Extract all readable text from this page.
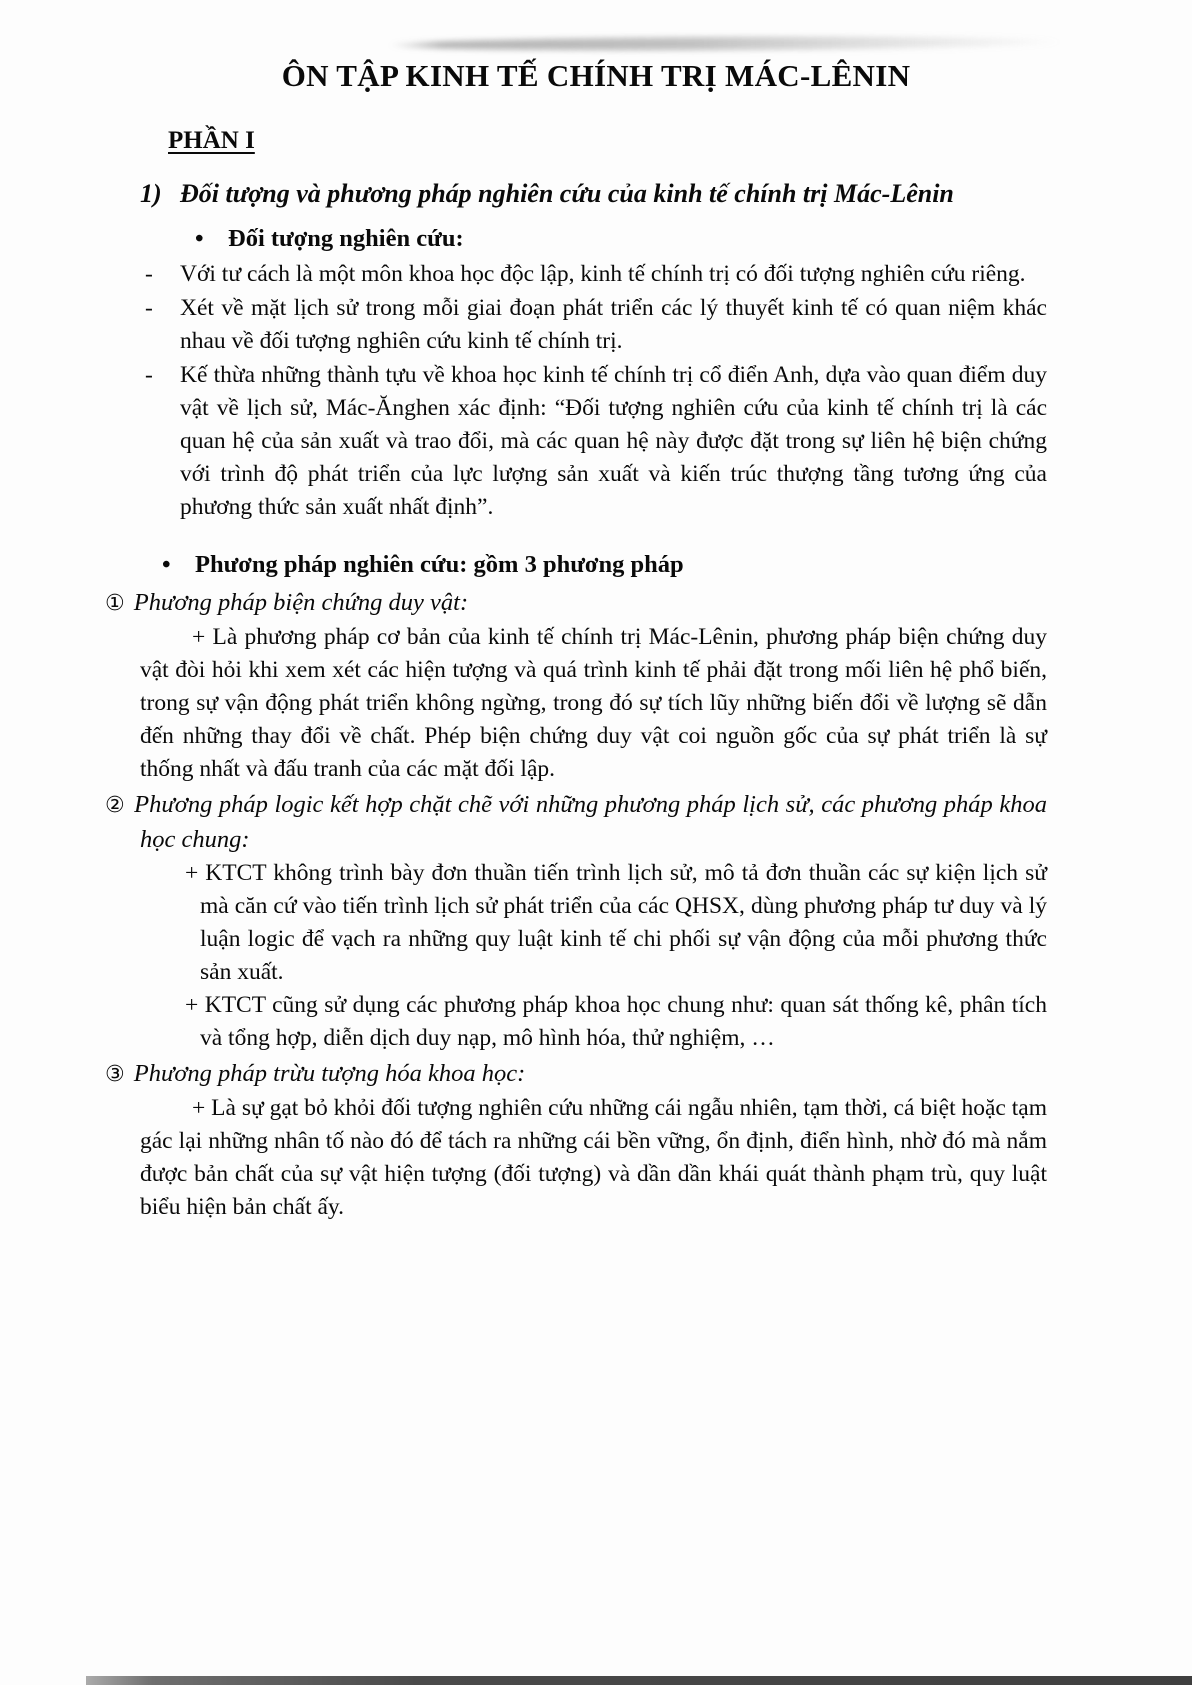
ÔN TẬP KINH TẾ CHÍNH TRỊ MÁC-LÊNIN
PHẦN I
1) Đối tượng và phương pháp nghiên cứu của kinh tế chính trị Mác-Lênin
• Đối tượng nghiên cứu:
-	Với tư cách là một môn khoa học độc lập, kinh tế chính trị có đối tượng nghiên cứu riêng.
-	Xét về mặt lịch sử trong mỗi giai đoạn phát triển các lý thuyết kinh tế có quan niệm khác nhau về đối tượng nghiên cứu kinh tế chính trị.
-	Kế thừa những thành tựu về khoa học kinh tế chính trị cổ điển Anh, dựa vào quan điểm duy vật về lịch sử, Mác-Ănghen xác định: “Đối tượng nghiên cứu của kinh tế chính trị là các quan hệ của sản xuất và trao đổi, mà các quan hệ này được đặt trong sự liên hệ biện chứng với trình độ phát triển của lực lượng sản xuất và kiến trúc thượng tầng tương ứng của phương thức sản xuất nhất định”.
• Phương pháp nghiên cứu: gồm 3 phương pháp
① Phương pháp biện chứng duy vật:

+ Là phương pháp cơ bản của kinh tế chính trị Mác-Lênin, phương pháp biện chứng duy vật đòi hỏi khi xem xét các hiện tượng và quá trình kinh tế phải đặt trong mối liên hệ phổ biến, trong sự vận động phát triển không ngừng, trong đó sự tích lũy những biến đổi về lượng sẽ dẫn đến những thay đổi về chất. Phép biện chứng duy vật coi nguồn gốc của sự phát triển là sự thống nhất và đấu tranh của các mặt đối lập.

② Phương pháp logic kết hợp chặt chẽ với những phương pháp lịch sử, các phương pháp khoa học chung:

+ KTCT không trình bày đơn thuần tiến trình lịch sử, mô tả đơn thuần các sự kiện lịch sử mà căn cứ vào tiến trình lịch sử phát triển của các QHSX, dùng phương pháp tư duy và lý luận logic để vạch ra những quy luật kinh tế chi phối sự vận động của mỗi phương thức sản xuất.

+ KTCT cũng sử dụng các phương pháp khoa học chung như: quan sát thống kê, phân tích và tổng hợp, diễn dịch duy nạp, mô hình hóa, thử nghiệm, …

③ Phương pháp trừu tượng hóa khoa học:

+ Là sự gạt bỏ khỏi đối tượng nghiên cứu những cái ngẫu nhiên, tạm thời, cá biệt hoặc tạm gác lại những nhân tố nào đó để tách ra những cái bền vững, ổn định, điển hình, nhờ đó mà nắm được bản chất của sự vật hiện tượng (đối tượng) và dần dần khái quát thành phạm trù, quy luật biểu hiện bản chất ấy.
